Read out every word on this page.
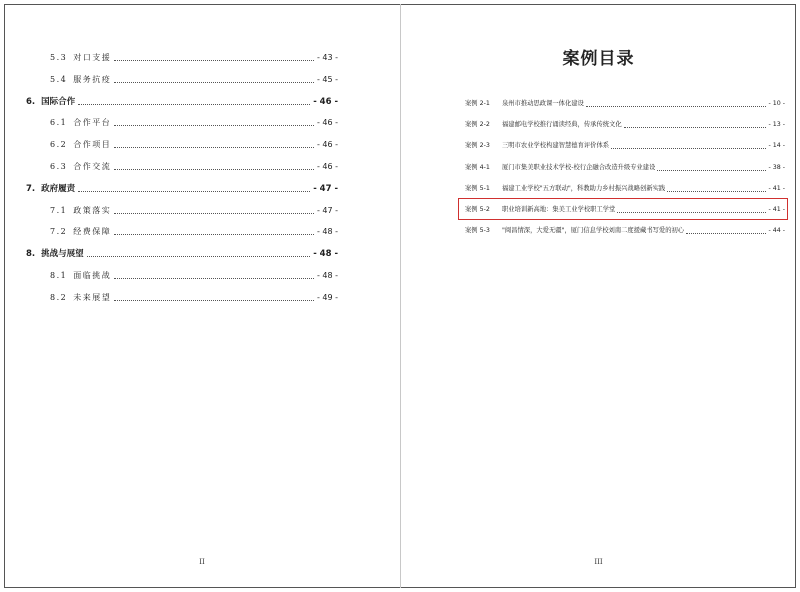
5.3 对口支援	- 43 -
5.4 服务抗疫	- 45 -
6. 国际合作	- 46 -
6.1 合作平台	- 46 -
6.2 合作项目	- 46 -
6.3 合作交流	- 46 -
7. 政府履责	- 47 -
7.1 政策落实	- 47 -
7.2 经费保障	- 48 -
8. 挑战与展望	- 48 -
8.1 面临挑战	- 48 -
8.2 未来展望	- 49 -
II
案例目录
案例 2-1	泉州市推动思政课一体化建设	- 10 -
案例 2-2	福建邮电学校推行诵读经典，传承传统文化	- 13 -
案例 2-3	三明市农业学校构建智慧德育评价体系	- 14 -
案例 4-1	厦门市集美职业技术学校-校行企融合改造升级专业建设	- 38 -
案例 5-1	福建工业学校"五方联动"，科教助力乡村振兴战略创新实践	- 41 -
案例 5-2	职业培训新高地：集美工业学校职工学堂	- 41 -
案例 5-3	"闽昌情深，大爱无疆"，厦门信息学校刘南二度援藏书写爱的初心	- 44 -
III
